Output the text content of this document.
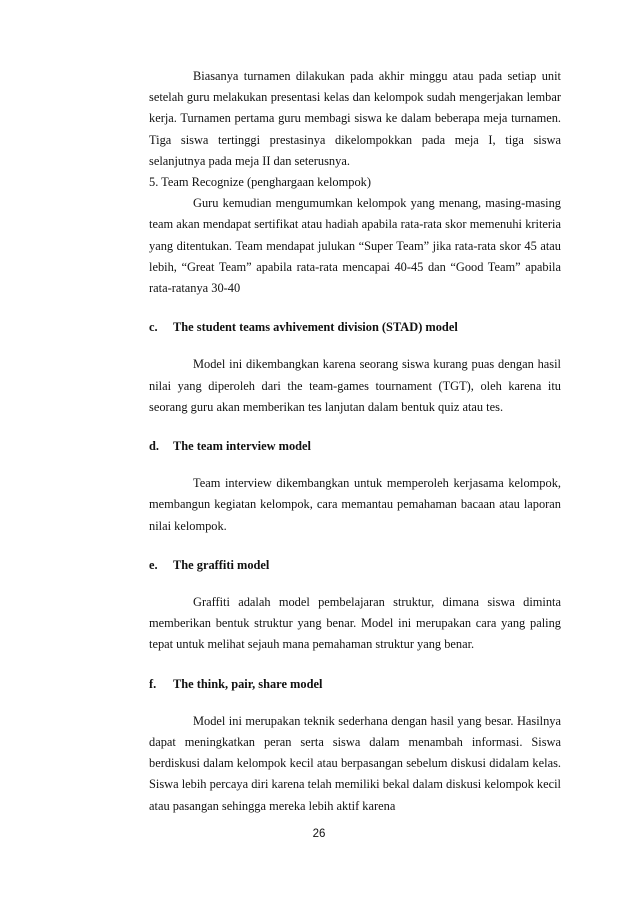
Biasanya turnamen dilakukan pada akhir minggu atau pada setiap unit setelah guru melakukan presentasi kelas dan kelompok sudah mengerjakan lembar kerja. Turnamen pertama guru membagi siswa ke dalam beberapa meja turnamen. Tiga siswa tertinggi prestasinya dikelompokkan pada meja I, tiga siswa selanjutnya pada meja II dan seterusnya.

5. Team Recognize (penghargaan kelompok)

Guru kemudian mengumumkan kelompok yang menang, masing-masing team akan mendapat sertifikat atau hadiah apabila rata-rata skor memenuhi kriteria yang ditentukan. Team mendapat julukan “Super Team” jika rata-rata skor 45 atau lebih, “Great Team” apabila rata-rata mencapai 40-45 dan “Good Team” apabila rata-ratanya 30-40

c.	The student teams avhivement division (STAD) model

Model ini dikembangkan karena seorang siswa kurang puas dengan hasil nilai yang diperoleh dari the team-games tournament (TGT), oleh karena itu seorang guru akan memberikan tes lanjutan dalam bentuk quiz atau tes.

d.	The team interview model

Team interview dikembangkan untuk memperoleh kerjasama kelompok, membangun kegiatan kelompok, cara memantau pemahaman bacaan atau laporan nilai kelompok.

e.	The graffiti model

Graffiti adalah model pembelajaran struktur, dimana siswa diminta memberikan bentuk struktur yang benar. Model ini merupakan cara yang paling tepat untuk melihat sejauh mana pemahaman struktur yang benar.

f.	The think, pair, share model

Model ini merupakan teknik sederhana dengan hasil yang besar. Hasilnya dapat meningkatkan peran serta siswa dalam menambah informasi. Siswa berdiskusi dalam kelompok kecil atau berpasangan sebelum diskusi didalam kelas. Siswa lebih percaya diri karena telah memiliki bekal dalam diskusi kelompok kecil atau pasangan sehingga mereka lebih aktif karena

26
